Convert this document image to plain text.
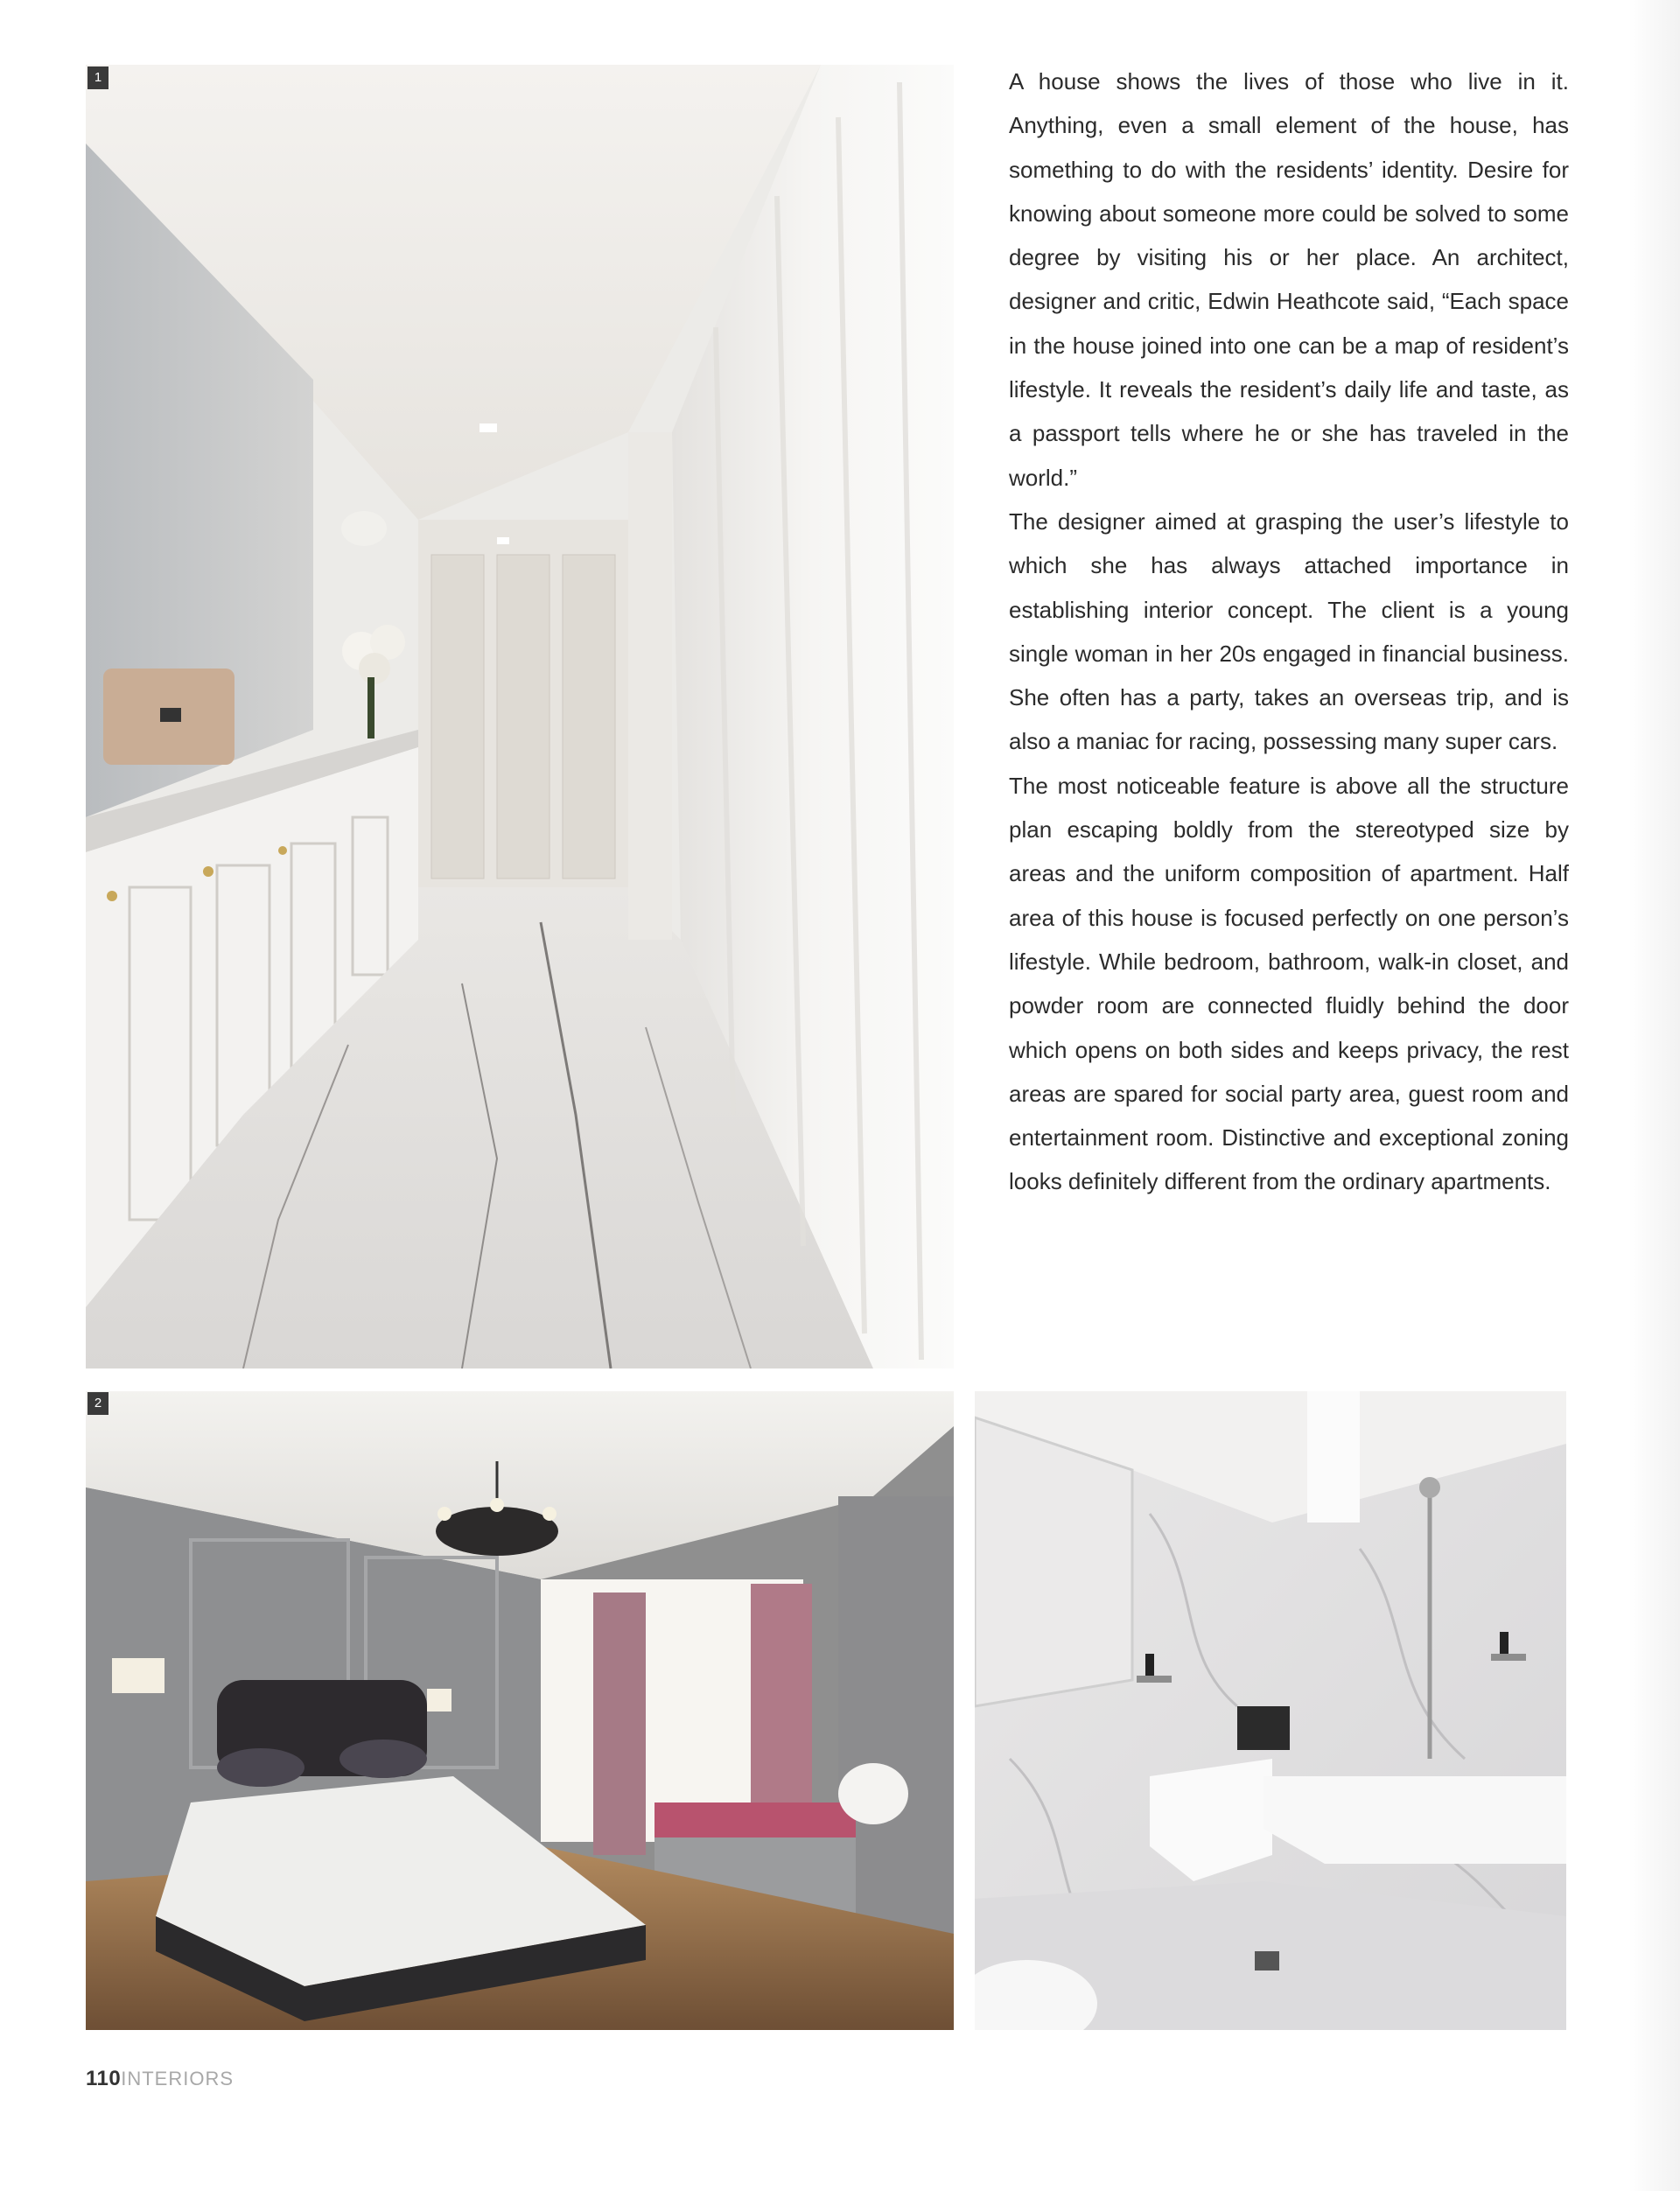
1	A house shows the lives of those who live in it. Anything, even a small element of the house, has something to do with the residents’ identity. Desire for knowing about someone more could be solved to some degree by visiting his or her place. An architect, designer and critic, Edwin Heathcote said, “Each space in the house joined into one can be a map of resident’s lifestyle. It reveals the resident’s daily life and taste, as a passport tells where he or she has traveled in the world.”

The designer aimed at grasping the user’s lifestyle to which she has always attached importance in establishing interior concept. The client is a young single woman in her 20s engaged in financial business. She often has a party, takes an overseas trip, and is also a maniac for racing, possessing many super cars.

The most noticeable feature is above all the structure plan escaping boldly from the stereotyped size by areas and the uniform composition of apartment. Half area of this house is focused perfectly on one person’s lifestyle. While bedroom, bathroom, walk-in closet, and powder room are connected fluidly behind the door which opens on both sides and keeps privacy, the rest areas are spared for social party area, guest room and entertainment room. Distinctive and exceptional zoning looks definitely different from the ordinary apartments.

2
110INTERIORS
